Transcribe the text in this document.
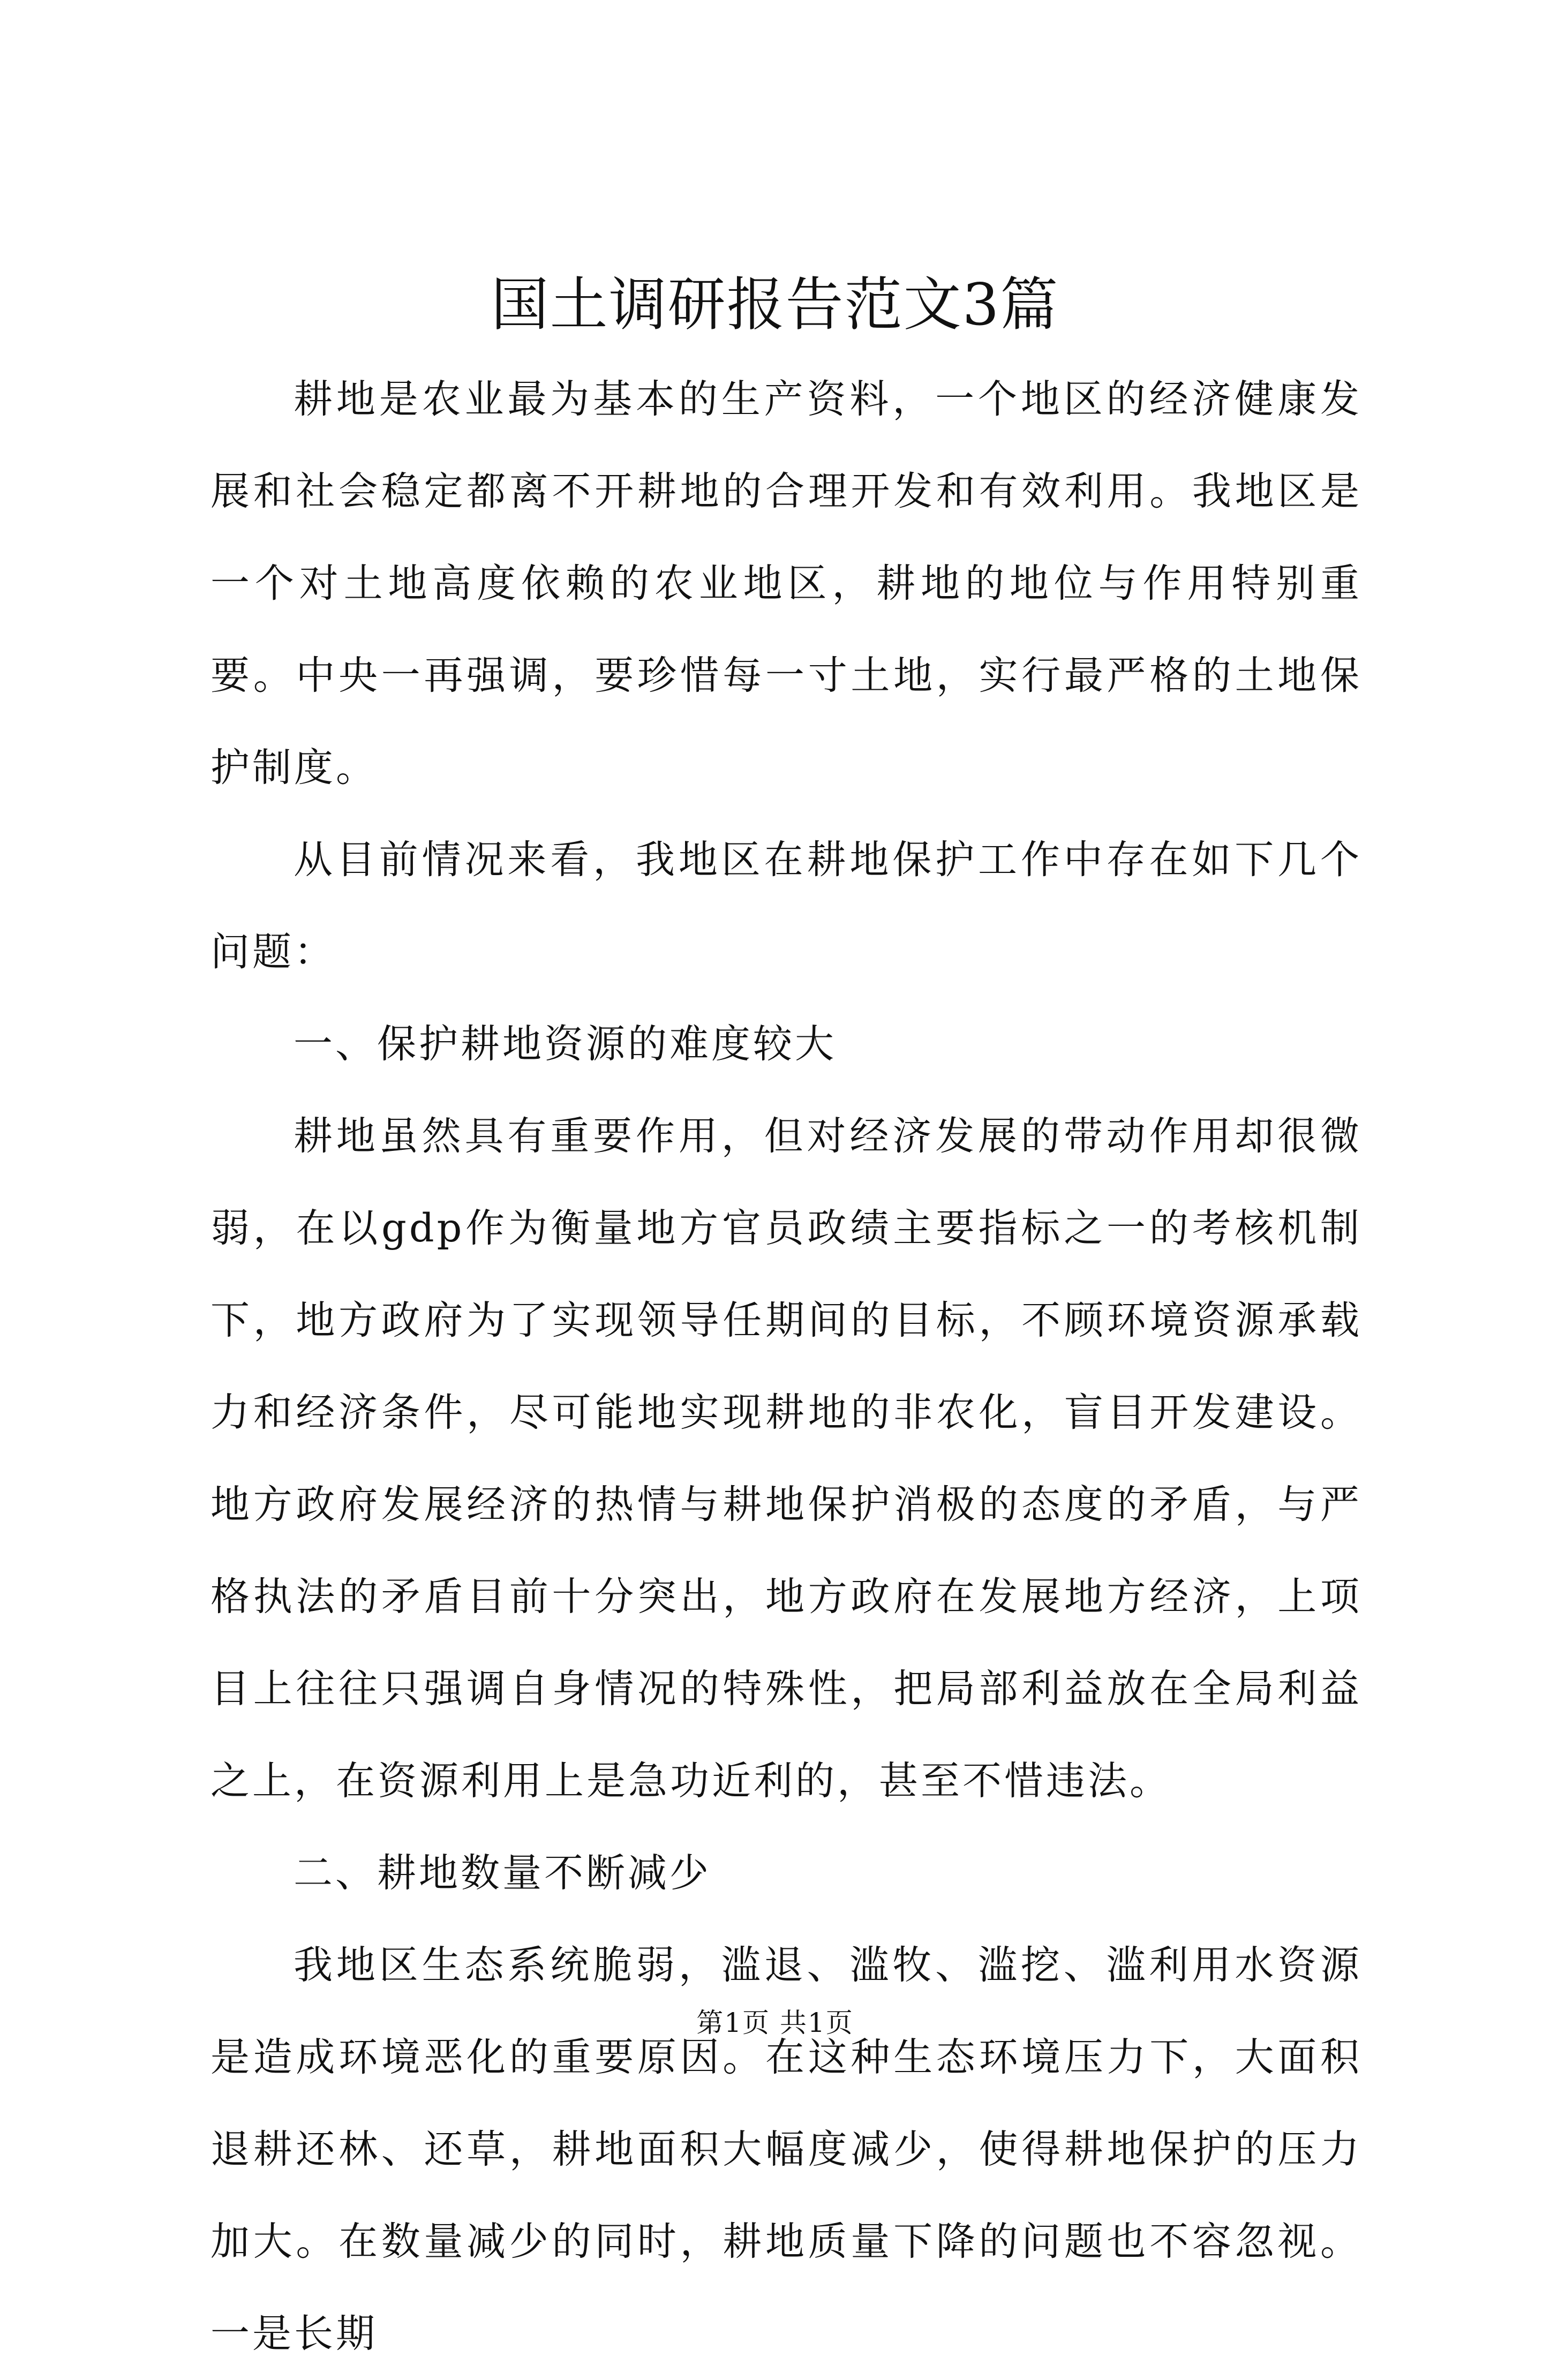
国土调研报告范文3篇

耕地是农业最为基本的生产资料，一个地区的经济健康发展和社会稳定都离不开耕地的合理开发和有效利用。我地区是一个对土地高度依赖的农业地区，耕地的地位与作用特别重要。中央一再强调，要珍惜每一寸土地，实行最严格的土地保护制度。

从目前情况来看，我地区在耕地保护工作中存在如下几个问题：

一、保护耕地资源的难度较大

耕地虽然具有重要作用，但对经济发展的带动作用却很微弱，在以gdp作为衡量地方官员政绩主要指标之一的考核机制下，地方政府为了实现领导任期间的目标，不顾环境资源承载力和经济条件，尽可能地实现耕地的非农化，盲目开发建设。地方政府发展经济的热情与耕地保护消极的态度的矛盾，与严格执法的矛盾目前十分突出，地方政府在发展地方经济，上项目上往往只强调自身情况的特殊性，把局部利益放在全局利益之上，在资源利用上是急功近利的，甚至不惜违法。

二、耕地数量不断减少

我地区生态系统脆弱，滥退、滥牧、滥挖、滥利用水资源是造成环境恶化的重要原因。在这种生态环境压力下，大面积退耕还林、还草，耕地面积大幅度减少，使得耕地保护的压力加大。在数量减少的同时，耕地质量下降的问题也不容忽视。一是长期

第1页 共1页
